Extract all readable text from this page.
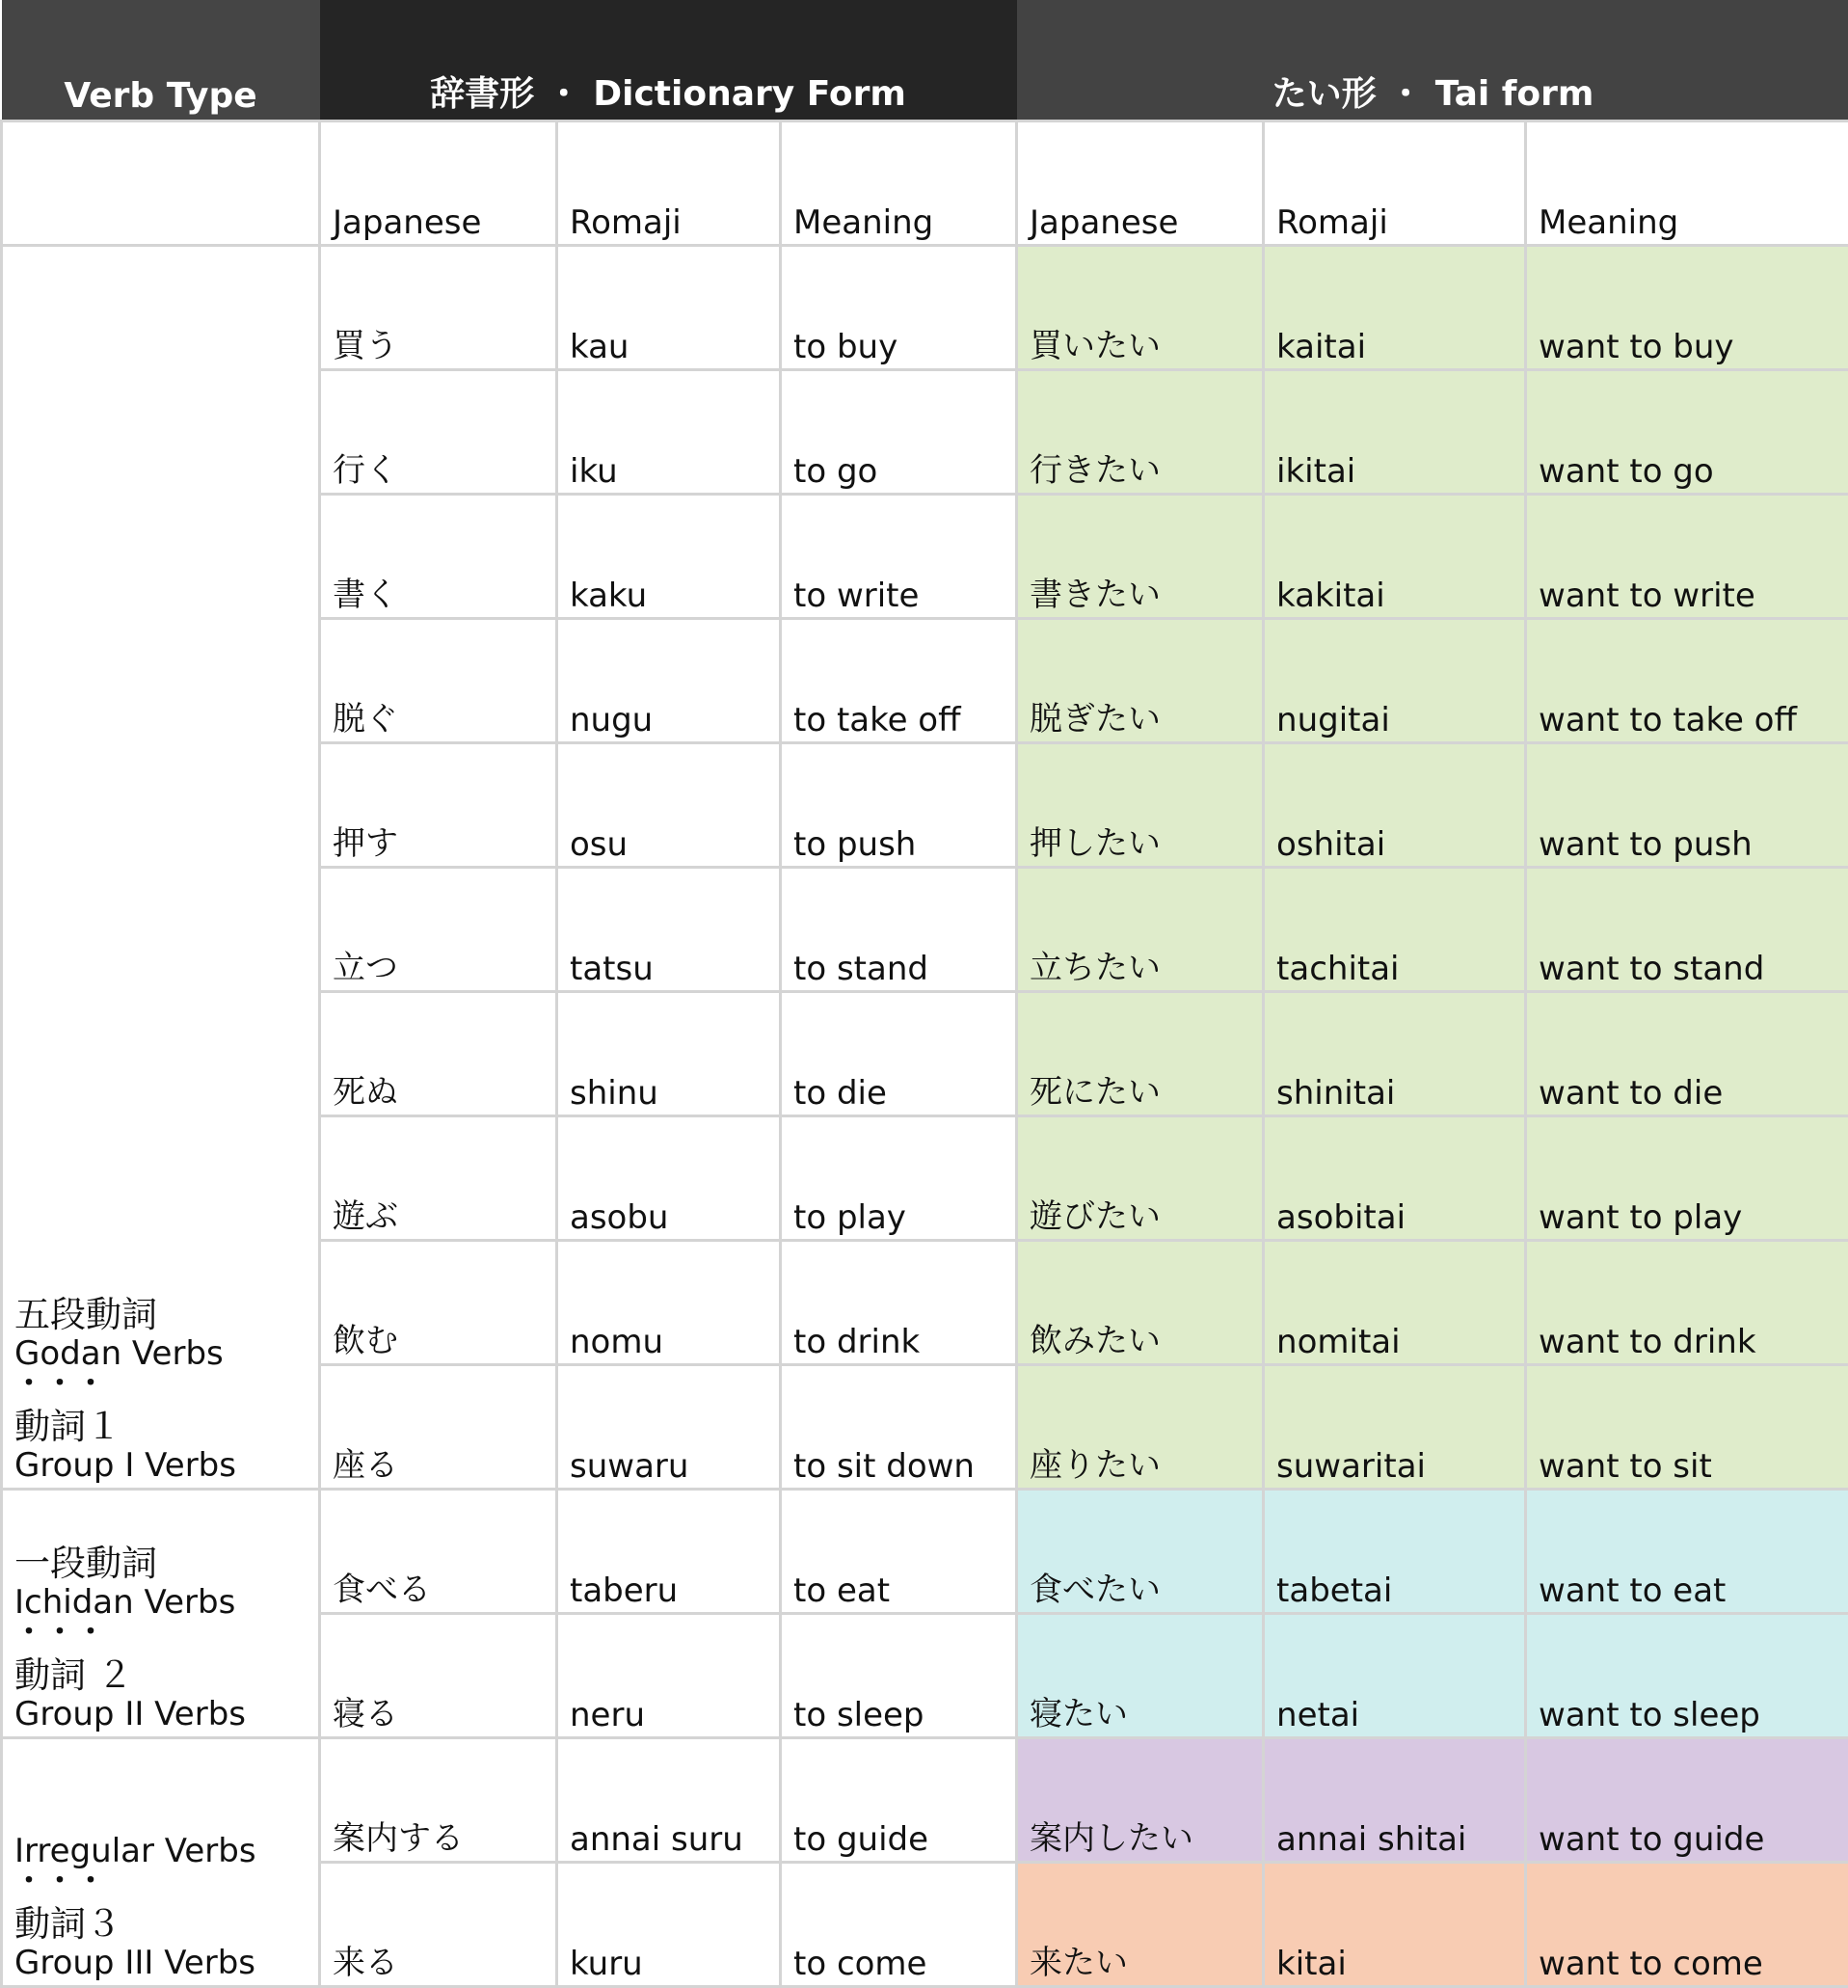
Verb Type	辞書形 ・ Dictionary Form			たい形 ・ Tai form		
	Japanese	Romaji	Meaning	Japanese	Romaji	Meaning

五段動詞
Godan Verbs
・・・
動詞１
Group I Verbs	買う	kau	to buy	買いたい	kaitai	want to buy
	行く	iku	to go	行きたい	ikitai	want to go
	書く	kaku	to write	書きたい	kakitai	want to write
	脱ぐ	nugu	to take off	脱ぎたい	nugitai	want to take off
	押す	osu	to push	押したい	oshitai	want to push
	立つ	tatsu	to stand	立ちたい	tachitai	want to stand
	死ぬ	shinu	to die	死にたい	shinitai	want to die
	遊ぶ	asobu	to play	遊びたい	asobitai	want to play
	飲む	nomu	to drink	飲みたい	nomitai	want to drink
	座る	suwaru	to sit down	座りたい	suwaritai	want to sit

一段動詞
Ichidan Verbs
・・・
動詞 ２
Group II Verbs	食べる	taberu	to eat	食べたい	tabetai	want to eat
	寝る	neru	to sleep	寝たい	netai	want to sleep

Irregular Verbs
・・・
動詞３
Group III Verbs	案内する	annai suru	to guide	案内したい	annai shitai	want to guide
	来る	kuru	to come	来たい	kitai	want to come
